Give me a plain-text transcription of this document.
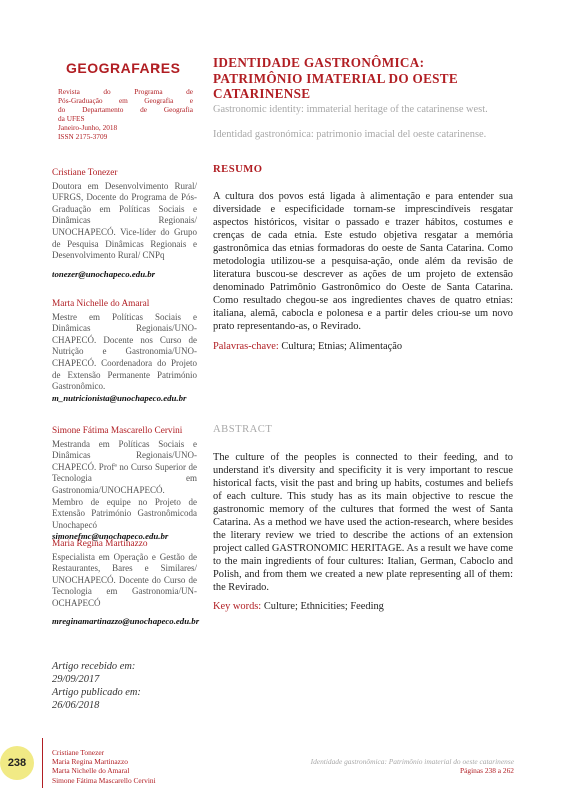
GEOGRAFARES
Revista do Programa de
Pós-Graduação em Geografia e
do Departamento de Geografia
da UFES
Janeiro-Junho, 2018
ISSN 2175-3709
Cristiane Tonezer
Doutora em Desenvolvimento Rural/ UFRGS, Docente do Programa de Pós-Graduação em Políticas Sociais e Dinâmicas Regionais/ UNOCHAPECÓ. Vice-líder do Grupo de Pesquisa Dinâmicas Regionais e Desenvolvimento Rural/ CNPq
tonezer@unochapeco.edu.br
Marta Nichelle do Amaral
Mestre em Políticas Sociais e Dinâmicas Regionais/UNO-CHAPECÓ. Docente nos Curso de Nutrição e Gastronomia/UNO-CHAPECÓ. Coordenadora do Projeto de Extensão Permanente Património Gastronômico.
m_nutricionista@unochapeco.edu.br
Simone Fátima Mascarello Cervini
Mestranda em Políticas Sociais e Dinâmicas Regionais/UNO-CHAPECÓ. Profª no Curso Superior de Tecnologia em Gastronomia/UNOCHAPECÓ. Membro de equipe no Projeto de Extensão Património Gastronômicoda Unochapecó
simonefmc@unochapeco.edu.br
Maria Regina Martinazzo
Especialista em Operação e Gestão de Restaurantes, Bares e Similares/ UNOCHAPECÓ. Docente do Curso de Tecnologia em Gastronomia/UN-OCHAPECÓ
mreginamartinazzo@unochapeco.edu.br
Artigo recebido em:
29/09/2017
Artigo publicado em:
26/06/2018
IDENTIDADE GASTRONÔMICA: PATRIMÔNIO IMATERIAL DO OESTE CATARINENSE
Gastronomic identity: immaterial heritage of the catarinense west.
Identidad gastronómica: patrimonio imacial del oeste catarinense.
RESUMO
A cultura dos povos está ligada à alimentação e para entender sua diversidade e especificidade tornam-se imprescindíveis resgatar aspectos históricos, visitar o passado e trazer hábitos, costumes e crenças de cada etnia. Este estudo objetiva resgatar a memória gastronômica das etnias formadoras do oeste de Santa Catarina. Como metodologia utilizou-se a pesquisa-ação, onde além da revisão de literatura buscou-se descrever as ações de um projeto de extensão denominado Patrimônio Gastronômico do Oeste de Santa Catarina. Como resultado chegou-se aos ingredientes chaves de quatro etnias: italiana, alemã, cabocla e polonesa e a partir deles criou-se um novo prato representando-as, o Revirado.
Palavras-chave: Cultura; Etnias; Alimentação
ABSTRACT
The culture of the peoples is connected to their feeding, and to understand it's diversity and specificity it is very important to rescue historical facts, visit the past and bring up habits, costumes and beliefs of each culture. This study has as its main objective to rescue the gastronomic memory of the cultures that formed the west of Santa Catarina. As a method we have used the action-research, where besides the literary review we tried to describe the actions of an extension project called GASTRONOMIC HERITAGE. As a result we have come to the main ingredients of four cultures: Italian, German, Caboclo and Polish, and from them we created a new plate representing all of them: the Revirado.
Key words: Culture; Ethnicities; Feeding
238
Cristiane Tonezer
Maria Regina Martinazzo
Marta Nichelle do Amaral
Simone Fátima Mascarello Cervini
Identidade gastronômica: Patrimônio imaterial do oeste catarinense
Páginas 238 a 262
